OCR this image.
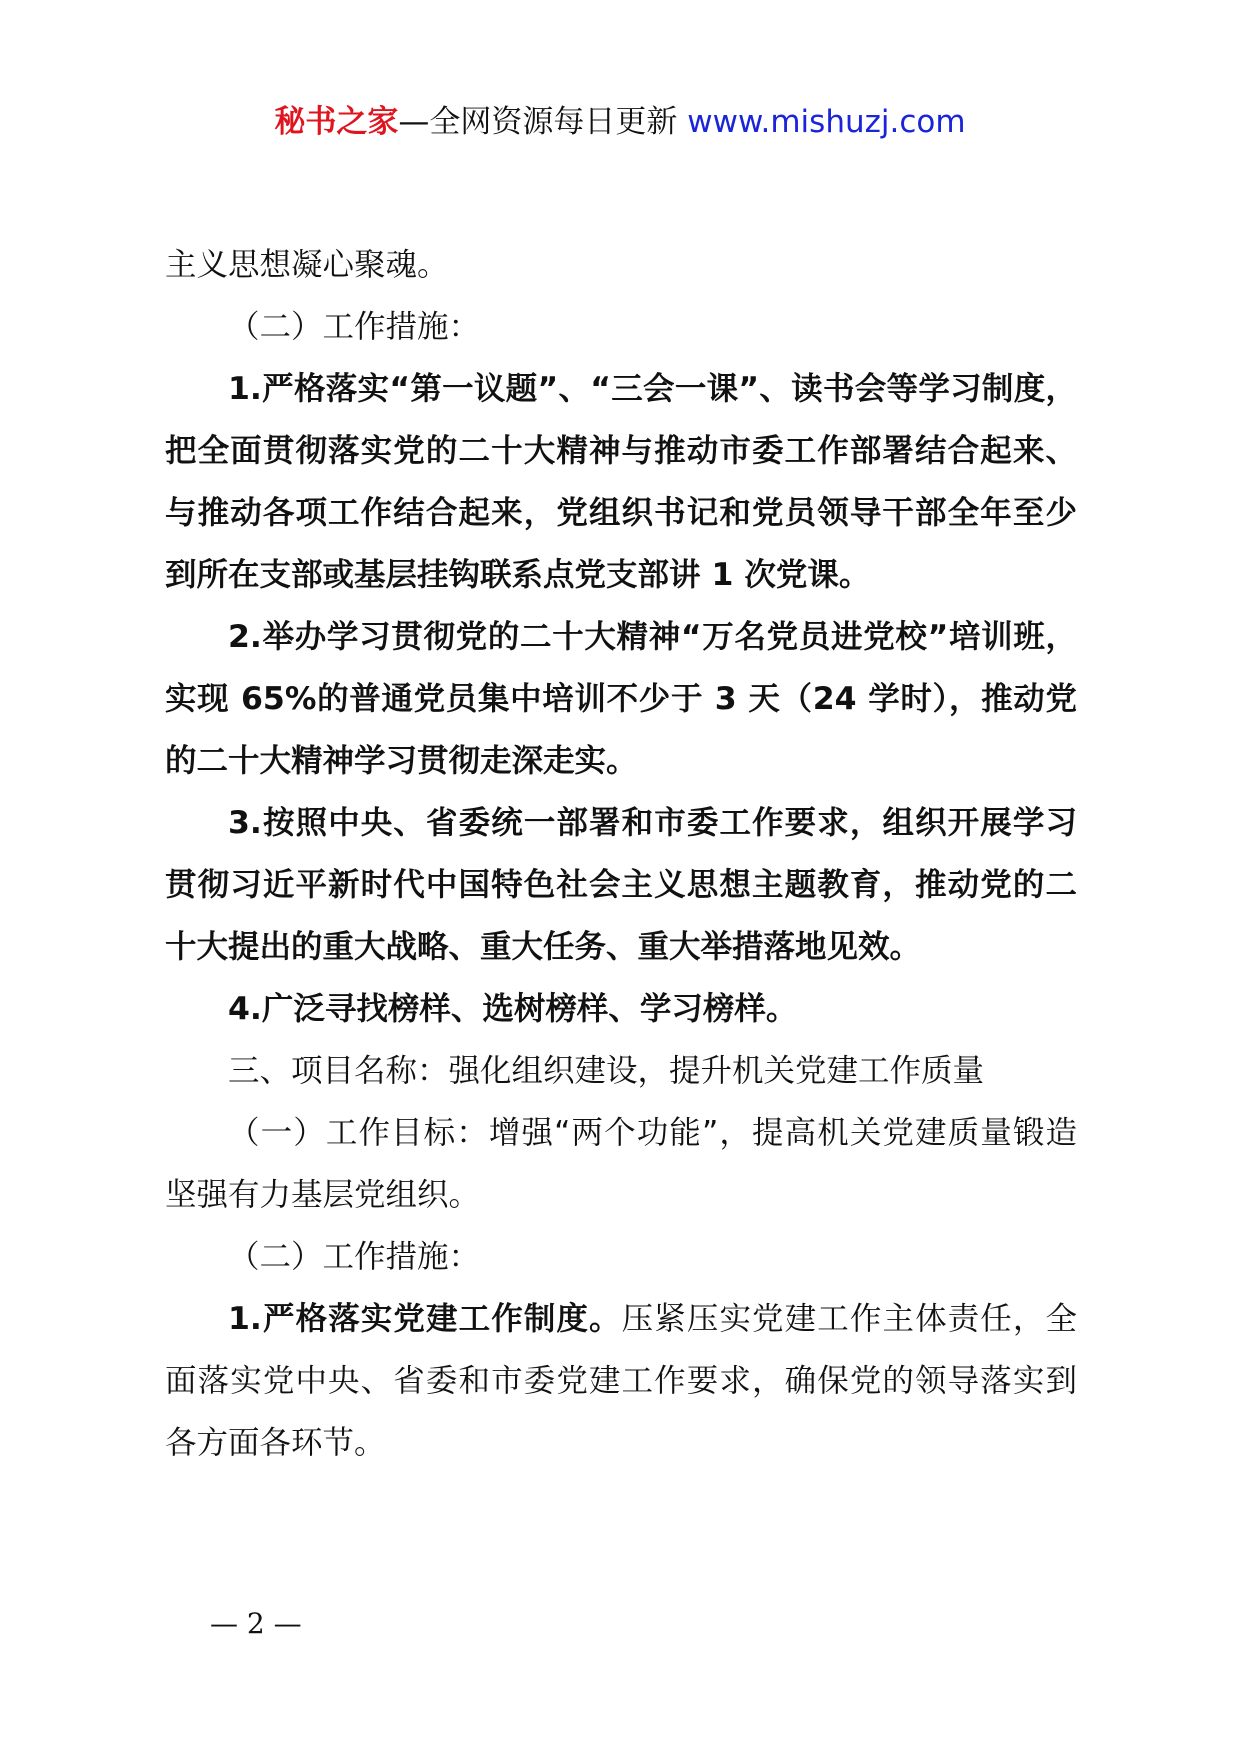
秘书之家—全网资源每日更新 www.mishuzj.com

主义思想凝心聚魂。

（二）工作措施：

1.严格落实“第一议题”、“三会一课”、读书会等学习制度，把全面贯彻落实党的二十大精神与推动市委工作部署结合起来、与推动各项工作结合起来，党组织书记和党员领导干部全年至少到所在支部或基层挂钩联系点党支部讲 1 次党课。

2.举办学习贯彻党的二十大精神“万名党员进党校”培训班，实现 65%的普通党员集中培训不少于 3 天（24 学时），推动党的二十大精神学习贯彻走深走实。

3.按照中央、省委统一部署和市委工作要求，组织开展学习贯彻习近平新时代中国特色社会主义思想主题教育，推动党的二十大提出的重大战略、重大任务、重大举措落地见效。

4.广泛寻找榜样、选树榜样、学习榜样。

三、项目名称：强化组织建设，提升机关党建工作质量

（一）工作目标：增强“两个功能”，提高机关党建质量锻造坚强有力基层党组织。

（二）工作措施：

1.严格落实党建工作制度。压紧压实党建工作主体责任，全面落实党中央、省委和市委党建工作要求，确保党的领导落实到各方面各环节。

— 2 —
